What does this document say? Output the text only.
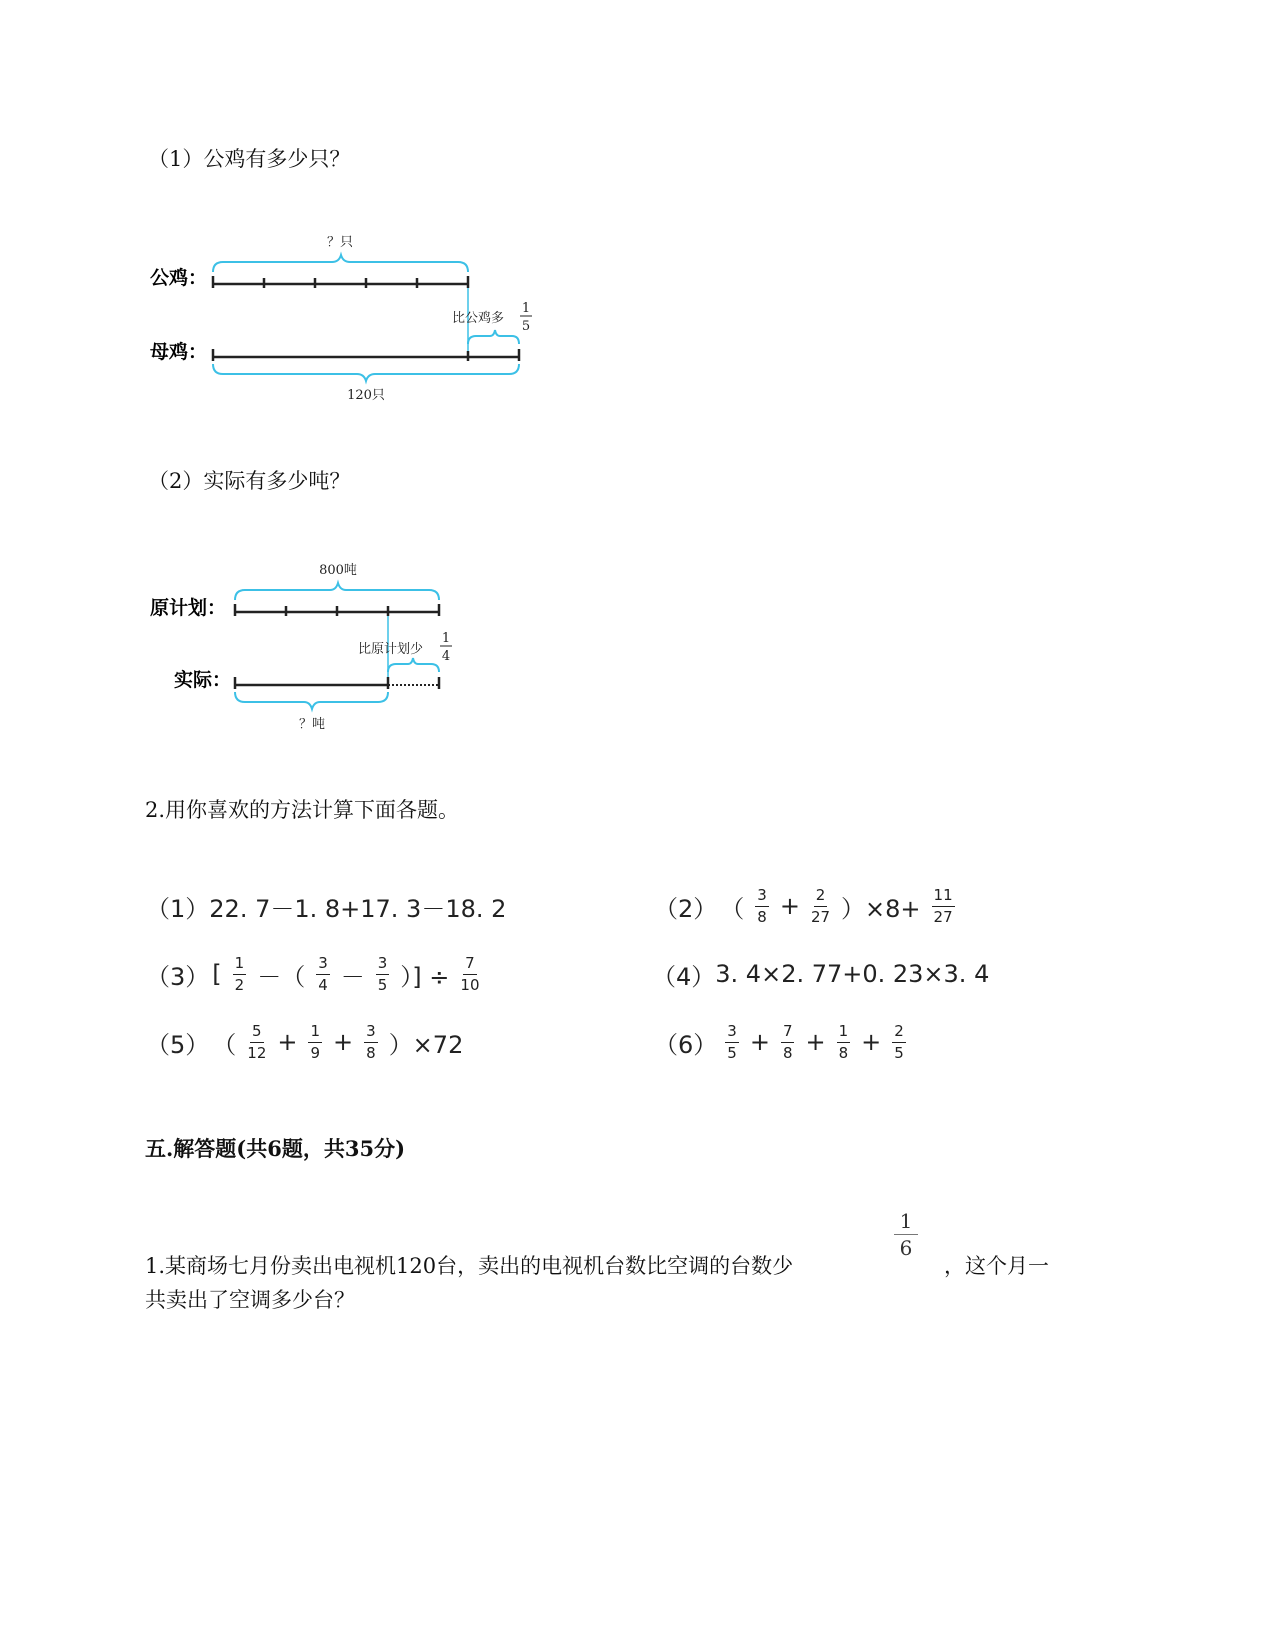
（1）公鸡有多少只？
公鸡：
母鸡：
？只
比公鸡多
1
5
120只
（2）实际有多少吨？
原计划：
实际：
800吨
比原计划少
1
4
？吨
2.用你喜欢的方法计算下面各题。
（1） 22. 7－1. 8+17. 3－18. 2	（2） （ $\frac{3}{8} + \frac{2}{27} )\times 8+ \frac{11}{27}$
（3） [ $\frac{1}{2}$ －（ $\frac{3}{4} - \frac{3}{5}$ ）] ÷ $\frac{7}{10}$	（4） 3. 4×2. 77+0. 23×3. 4
（5） （ $\frac{5}{12} + \frac{1}{9} + \frac{3}{8} )\times 72$	$(6) \frac{3}{5} + \frac{7}{8} + \frac{1}{8} + \frac{2}{5}$
五.解答题(共6题，共35分)
1.某商场七月份卖出电视机120台，卖出的电视机台数比空调的台数少
1
6
，这个月一
共卖出了空调多少台？
